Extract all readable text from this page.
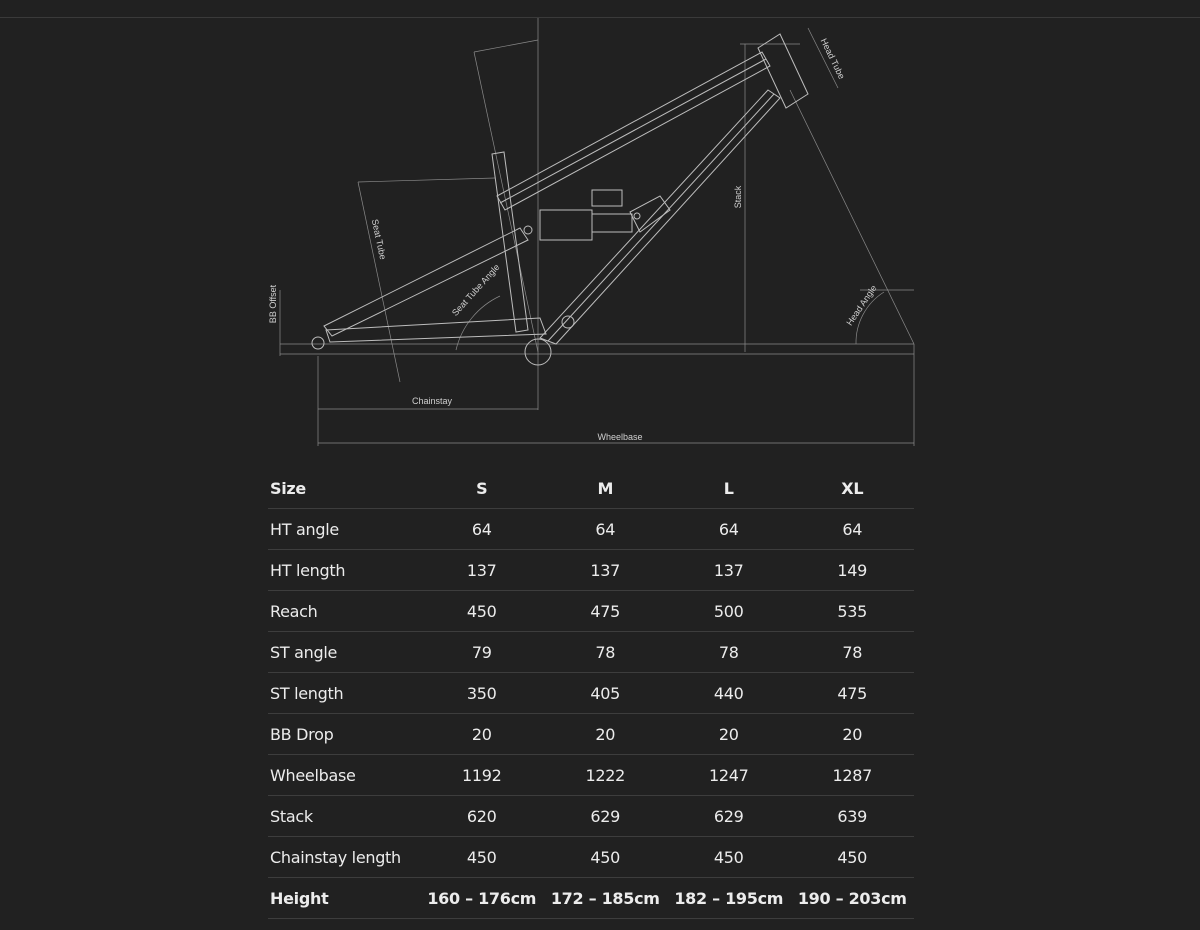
Head Tube
Seat Tube
Seat Tube Angle
BB Offset
Stack
Head Angle
Chainstay
Wheelbase
Size	S	M	L	XL
HT angle	64	64	64	64
HT length	137	137	137	149
Reach	450	475	500	535
ST angle	79	78	78	78
ST length	350	405	440	475
BB Drop	20	20	20	20
Wheelbase	1192	1222	1247	1287
Stack	620	629	629	639
Chainstay length	450	450	450	450
Height	160 – 176cm	172 – 185cm	182 – 195cm	190 – 203cm
